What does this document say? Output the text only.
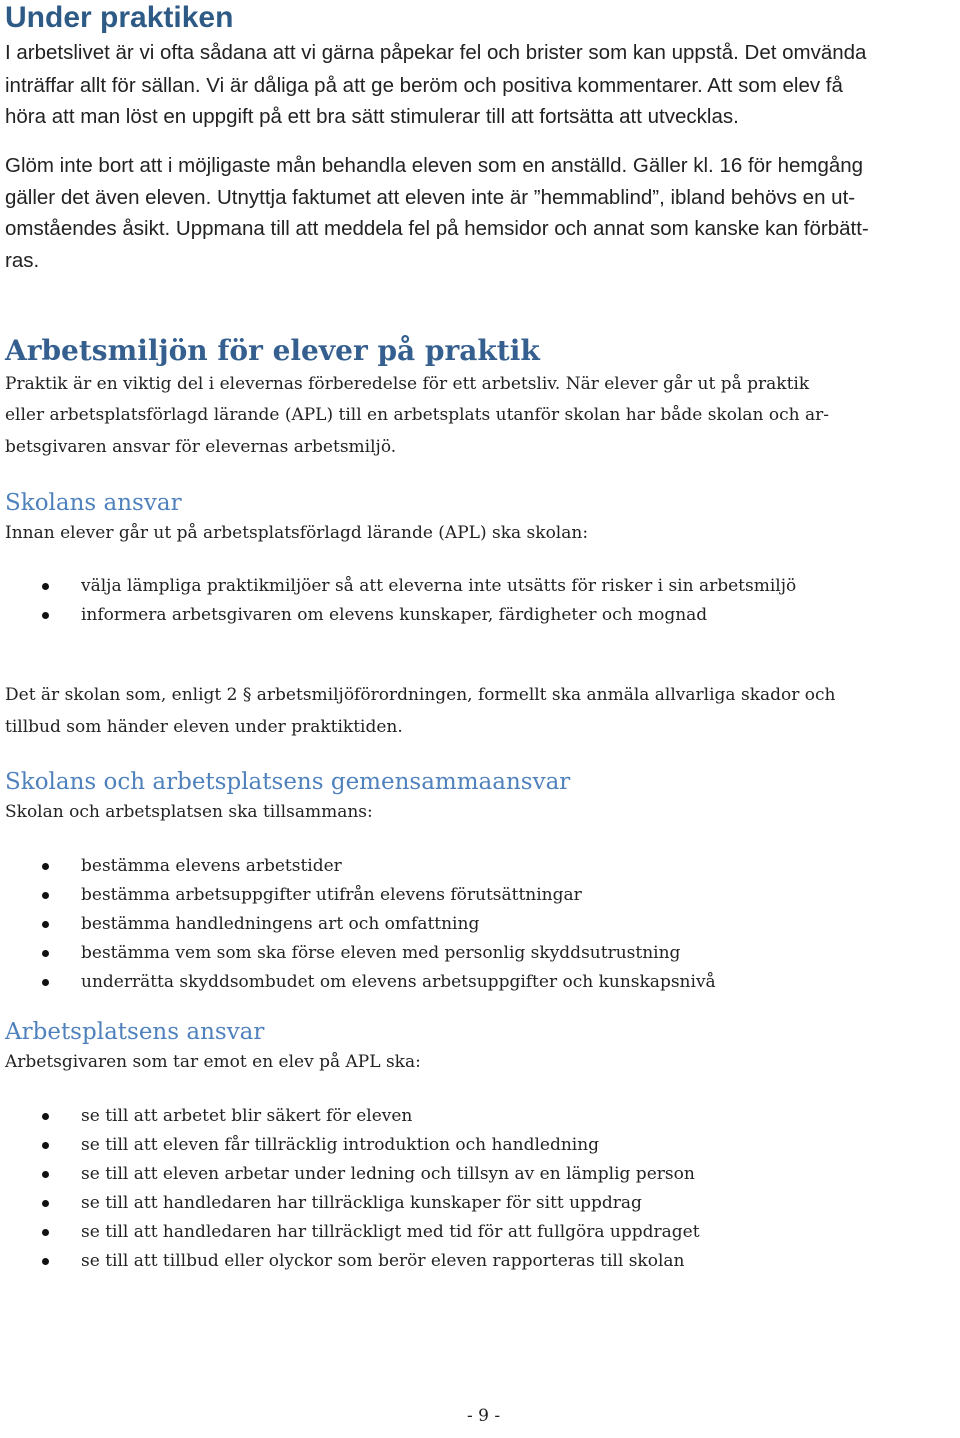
Under praktiken
I arbetslivet är vi ofta sådana att vi gärna påpekar fel och brister som kan uppstå. Det omvända
inträffar allt för sällan. Vi är dåliga på att ge beröm och positiva kommentarer. Att som elev få
höra att man löst en uppgift på ett bra sätt stimulerar till att fortsätta att utvecklas.
Glöm inte bort att i möjligaste mån behandla eleven som en anställd. Gäller kl. 16 för hemgång
gäller det även eleven. Utnyttja faktumet att eleven inte är ”hemmablind”, ibland behövs en ut-
omståendes åsikt. Uppmana till att meddela fel på hemsidor och annat som kanske kan förbätt-
ras.
Arbetsmiljön för elever på praktik
Praktik är en viktig del i elevernas förberedelse för ett arbetsliv. När elever går ut på praktik
eller arbetsplatsförlagd lärande (APL) till en arbetsplats utanför skolan har både skolan och ar-
betsgivaren ansvar för elevernas arbetsmiljö.
Skolans ansvar
Innan elever går ut på arbetsplatsförlagd lärande (APL) ska skolan:
välja lämpliga praktikmiljöer så att eleverna inte utsätts för risker i sin arbetsmiljö
informera arbetsgivaren om elevens kunskaper, färdigheter och mognad
Det är skolan som, enligt 2 § arbetsmiljöförordningen, formellt ska anmäla allvarliga skador och
tillbud som händer eleven under praktiktiden.
Skolans och arbetsplatsens gemensammaansvar
Skolan och arbetsplatsen ska tillsammans:
bestämma elevens arbetstider
bestämma arbetsuppgifter utifrån elevens förutsättningar
bestämma handledningens art och omfattning
bestämma vem som ska förse eleven med personlig skyddsutrustning
underrätta skyddsombudet om elevens arbetsuppgifter och kunskapsnivå
Arbetsplatsens ansvar
Arbetsgivaren som tar emot en elev på APL ska:
se till att arbetet blir säkert för eleven
se till att eleven får tillräcklig introduktion och handledning
se till att eleven arbetar under ledning och tillsyn av en lämplig person
se till att handledaren har tillräckliga kunskaper för sitt uppdrag
se till att handledaren har tillräckligt med tid för att fullgöra uppdraget
se till att tillbud eller olyckor som berör eleven rapporteras till skolan
- 9 -
